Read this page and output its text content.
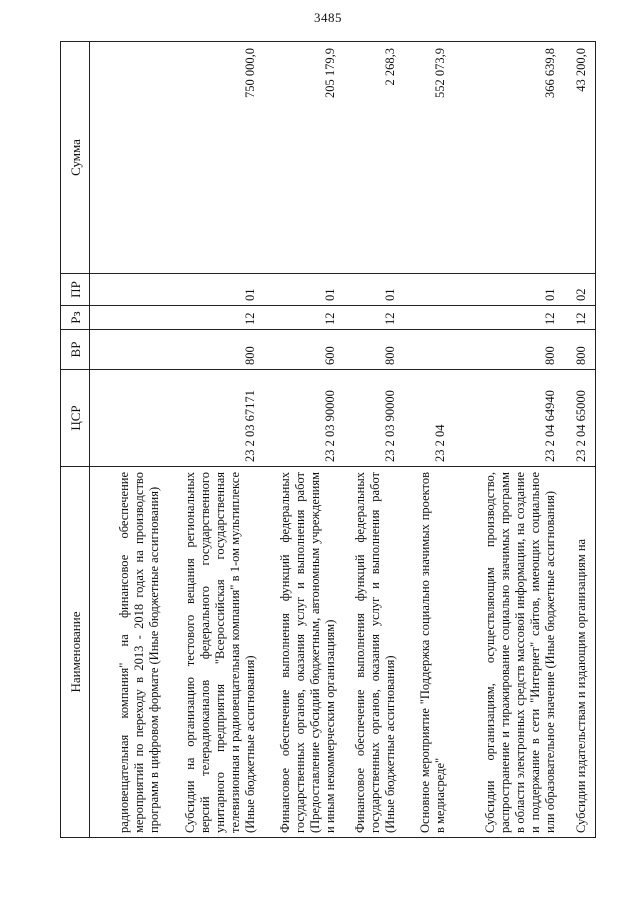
3485
Наименование	ЦСР	ВР	Рз	ПР	Сумма
радиовещательная компания" на финансовое обеспечение мероприятий по переходу в 2013 - 2018 годах на производство программ в цифровом формате (Иные бюджетные ассигнования)					
Субсидии на организацию тестового вещания региональных версий телерадиоканалов федерального государственного унитарного предприятия "Всероссийская государственная телевизионная и радиовещательная компания" в 1-ом мультиплексе (Иные бюджетные ассигнования)	23 2 03 67171	800	12	01	750 000,0
Финансовое обеспечение выполнения функций федеральных государственных органов, оказания услуг и выполнения работ (Предоставление субсидий бюджетным, автономным учреждениям и иным некоммерческим организациям)	23 2 03 90000	600	12	01	205 179,9
Финансовое обеспечение выполнения функций федеральных государственных органов, оказания услуг и выполнения работ (Иные бюджетные ассигнования)	23 2 03 90000	800	12	01	2 268,3
Основное мероприятие "Поддержка социально значимых проектов в медиасреде"	23 2 04				552 073,9
Субсидии организациям, осуществляющим производство, распространение и тиражирование социально значимых программ в области электронных средств массовой информации, на создание и поддержание в сети "Интернет" сайтов, имеющих социальное или образовательное значение (Иные бюджетные ассигнования)	23 2 04 64940	800	12	01	366 639,8
Субсидии издательствам и издающим организациям на	23 2 04 65000	800	12	02	43 200,0
